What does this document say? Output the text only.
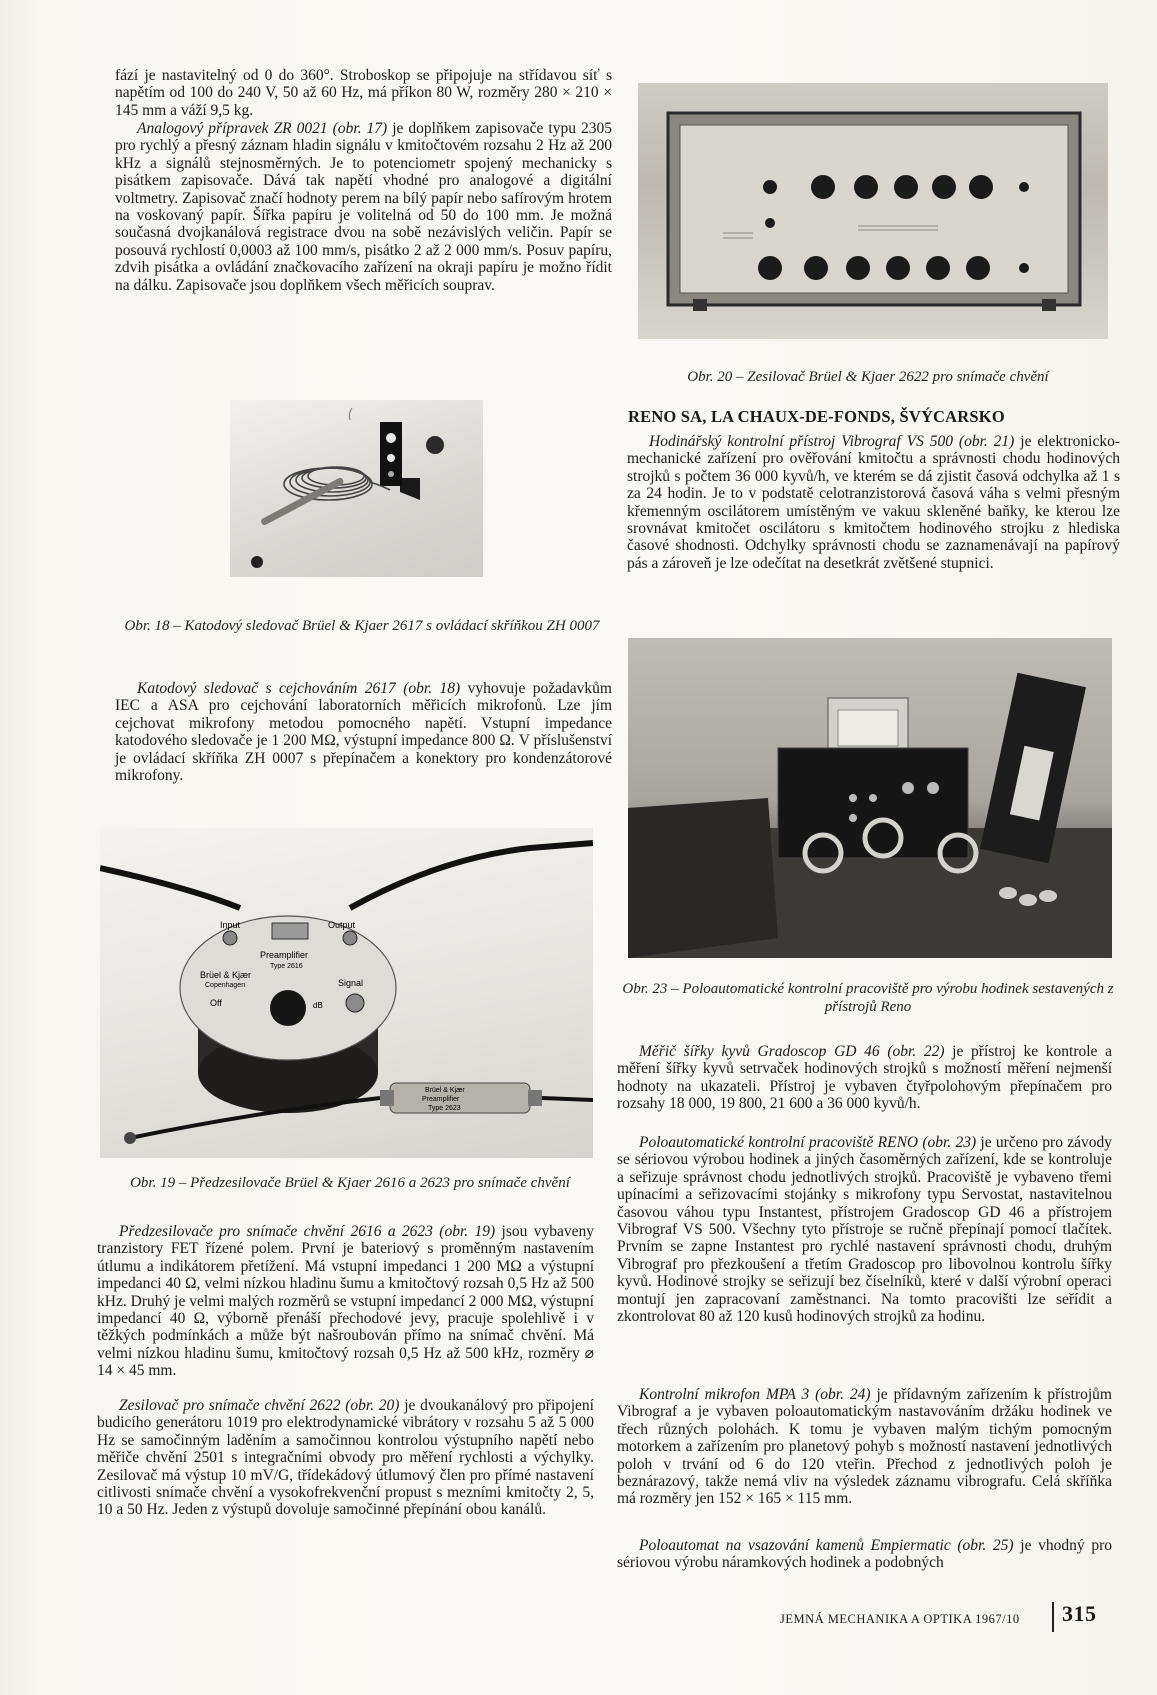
fází je nastavitelný od 0 do 360°. Stroboskop se připojuje na střídavou síť s napětím od 100 do 240 V, 50 až 60 Hz, má příkon 80 W, rozměry 280 × 210 × 145 mm a váží 9,5 kg.

Analogový přípravek ZR 0021 (obr. 17) je doplňkem zapisovače typu 2305 pro rychlý a přesný záznam hladin signálu v kmitočtovém rozsahu 2 Hz až 200 kHz a signálů stejnosměrných. Je to potenciometr spojený mechanicky s pisátkem zapisovače. Dává tak napětí vhodné pro analogové a digitální voltmetry. Zapisovač značí hodnoty perem na bílý papír nebo safírovým hrotem na voskovaný papír. Šířka papíru je volitelná od 50 do 100 mm. Je možná současná dvojkanálová registrace dvou na sobě nezávislých veličin. Papír se posouvá rychlostí 0,0003 až 100 mm/s, pisátko 2 až 2 000 mm/s. Posuv papíru, zdvih pisátka a ovládání značkovacího zařízení na okraji papíru je možno řídit na dálku. Zapisovače jsou doplňkem všech měřicích souprav.

Obr. 18 – Katodový sledovač Brüel & Kjaer 2617 s ovládací skříňkou ZH 0007

Katodový sledovač s cejchováním 2617 (obr. 18) vyhovuje požadavkům IEC a ASA pro cejchování laboratorních měřicích mikrofonů. Lze jím cejchovat mikrofony metodou pomocného napětí. Vstupní impedance katodového sledovače je 1 200 MΩ, výstupní impedance 800 Ω. V příslušenství je ovládací skříňka ZH 0007 s přepínačem a konektory pro kondenzátorové mikrofony.

Input	Output
Preamplifier
Type 2616
Brüel & Kjær
Copenhagen
Off
Signal
dB
Brüel & Kjær
Preamplifier
Type 2623

Obr. 19 – Předzesilovače Brüel & Kjaer 2616 a 2623 pro snímače chvění

Předzesilovače pro snímače chvění 2616 a 2623 (obr. 19) jsou vybaveny tranzistory FET řízené polem. První je bateriový s proměnným nastavením útlumu a indikátorem přetížení. Má vstupní impedanci 1 200 MΩ a výstupní impedanci 40 Ω, velmi nízkou hladinu šumu a kmitočtový rozsah 0,5 Hz až 500 kHz. Druhý je velmi malých rozměrů se vstupní impedancí 2 000 MΩ, výstupní impedancí 40 Ω, výborně přenáší přechodové jevy, pracuje spolehlivě i v těžkých podmínkách a může být našroubován přímo na snímač chvění. Má velmi nízkou hladinu šumu, kmitočtový rozsah 0,5 Hz až 500 kHz, rozměry ⌀ 14 × 45 mm.

Zesilovač pro snímače chvění 2622 (obr. 20) je dvoukanálový pro připojení budicího generátoru 1019 pro elektrodynamické vibrátory v rozsahu 5 až 5 000 Hz se samočinným laděním a samočinnou kontrolou výstupního napětí nebo měřiče chvění 2501 s integračními obvody pro měření rychlosti a výchylky. Zesilovač má výstup 10 mV/G, třídekádový útlumový člen pro přímé nastavení citlivosti snímače chvění a vysokofrekvenční propust s mezními kmitočty 2, 5, 10 a 50 Hz. Jeden z výstupů dovoluje samočinné přepínání obou kanálů.

Obr. 20 – Zesilovač Brüel & Kjaer 2622 pro snímače chvění

RENO SA, LA CHAUX-DE-FONDS, ŠVÝCARSKO

Hodinářský kontrolní přístroj Vibrograf VS 500 (obr. 21) je elektronicko-mechanické zařízení pro ověřování kmitočtu a správnosti chodu hodinových strojků s počtem 36 000 kyvů/h, ve kterém se dá zjistit časová odchylka až 1 s za 24 hodin. Je to v podstatě celotranzistorová časová váha s velmi přesným křemenným oscilátorem umístěným ve vakuu skleněné baňky, ke kterou lze srovnávat kmitočet oscilátoru s kmitočtem hodinového strojku z hlediska časové shodnosti. Odchylky správnosti chodu se zaznamenávají na papírový pás a zároveň je lze odečítat na desetkrát zvětšené stupnici.

Obr. 23 – Poloautomatické kontrolní pracoviště pro výrobu hodinek sestavených z přístrojů Reno

Měřič šířky kyvů Gradoscop GD 46 (obr. 22) je přístroj ke kontrole a měření šířky kyvů setrvaček hodinových strojků s možností měření nejmenší hodnoty na ukazateli. Přístroj je vybaven čtyřpolohovým přepínačem pro rozsahy 18 000, 19 800, 21 600 a 36 000 kyvů/h.

Poloautomatické kontrolní pracoviště RENO (obr. 23) je určeno pro závody se sériovou výrobou hodinek a jiných časoměrných zařízení, kde se kontroluje a seřizuje správnost chodu jednotlivých strojků. Pracoviště je vybaveno třemi upínacími a seřizovacími stojánky s mikrofony typu Servostat, nastavitelnou časovou váhou typu Instantest, přístrojem Gradoscop GD 46 a přístrojem Vibrograf VS 500. Všechny tyto přístroje se ručně přepínají pomocí tlačítek. Prvním se zapne Instantest pro rychlé nastavení správnosti chodu, druhým Vibrograf pro přezkoušení a třetím Gradoscop pro libovolnou kontrolu šířky kyvů. Hodinové strojky se seřizují bez číselníků, které v další výrobní operaci montují jen zapracovaní zaměstnanci. Na tomto pracovišti lze seřídit a zkontrolovat 80 až 120 kusů hodinových strojků za hodinu.

Kontrolní mikrofon MPA 3 (obr. 24) je přídavným zařízením k přístrojům Vibrograf a je vybaven poloautomatickým nastavováním držáku hodinek ve třech různých polohách. K tomu je vybaven malým tichým pomocným motorkem a zařízením pro planetový pohyb s možností nastavení jednotlivých poloh v trvání od 6 do 120 vteřin. Přechod z jednotlivých poloh je beznárazový, takže nemá vliv na výsledek záznamu vibrografu. Celá skříňka má rozměry jen 152 × 165 × 115 mm.

Poloautomat na vsazování kamenů Empiermatic (obr. 25) je vhodný pro sériovou výrobu náramkových hodinek a podobných

JEMNÁ MECHANIKA A OPTIKA 1967/10 315
